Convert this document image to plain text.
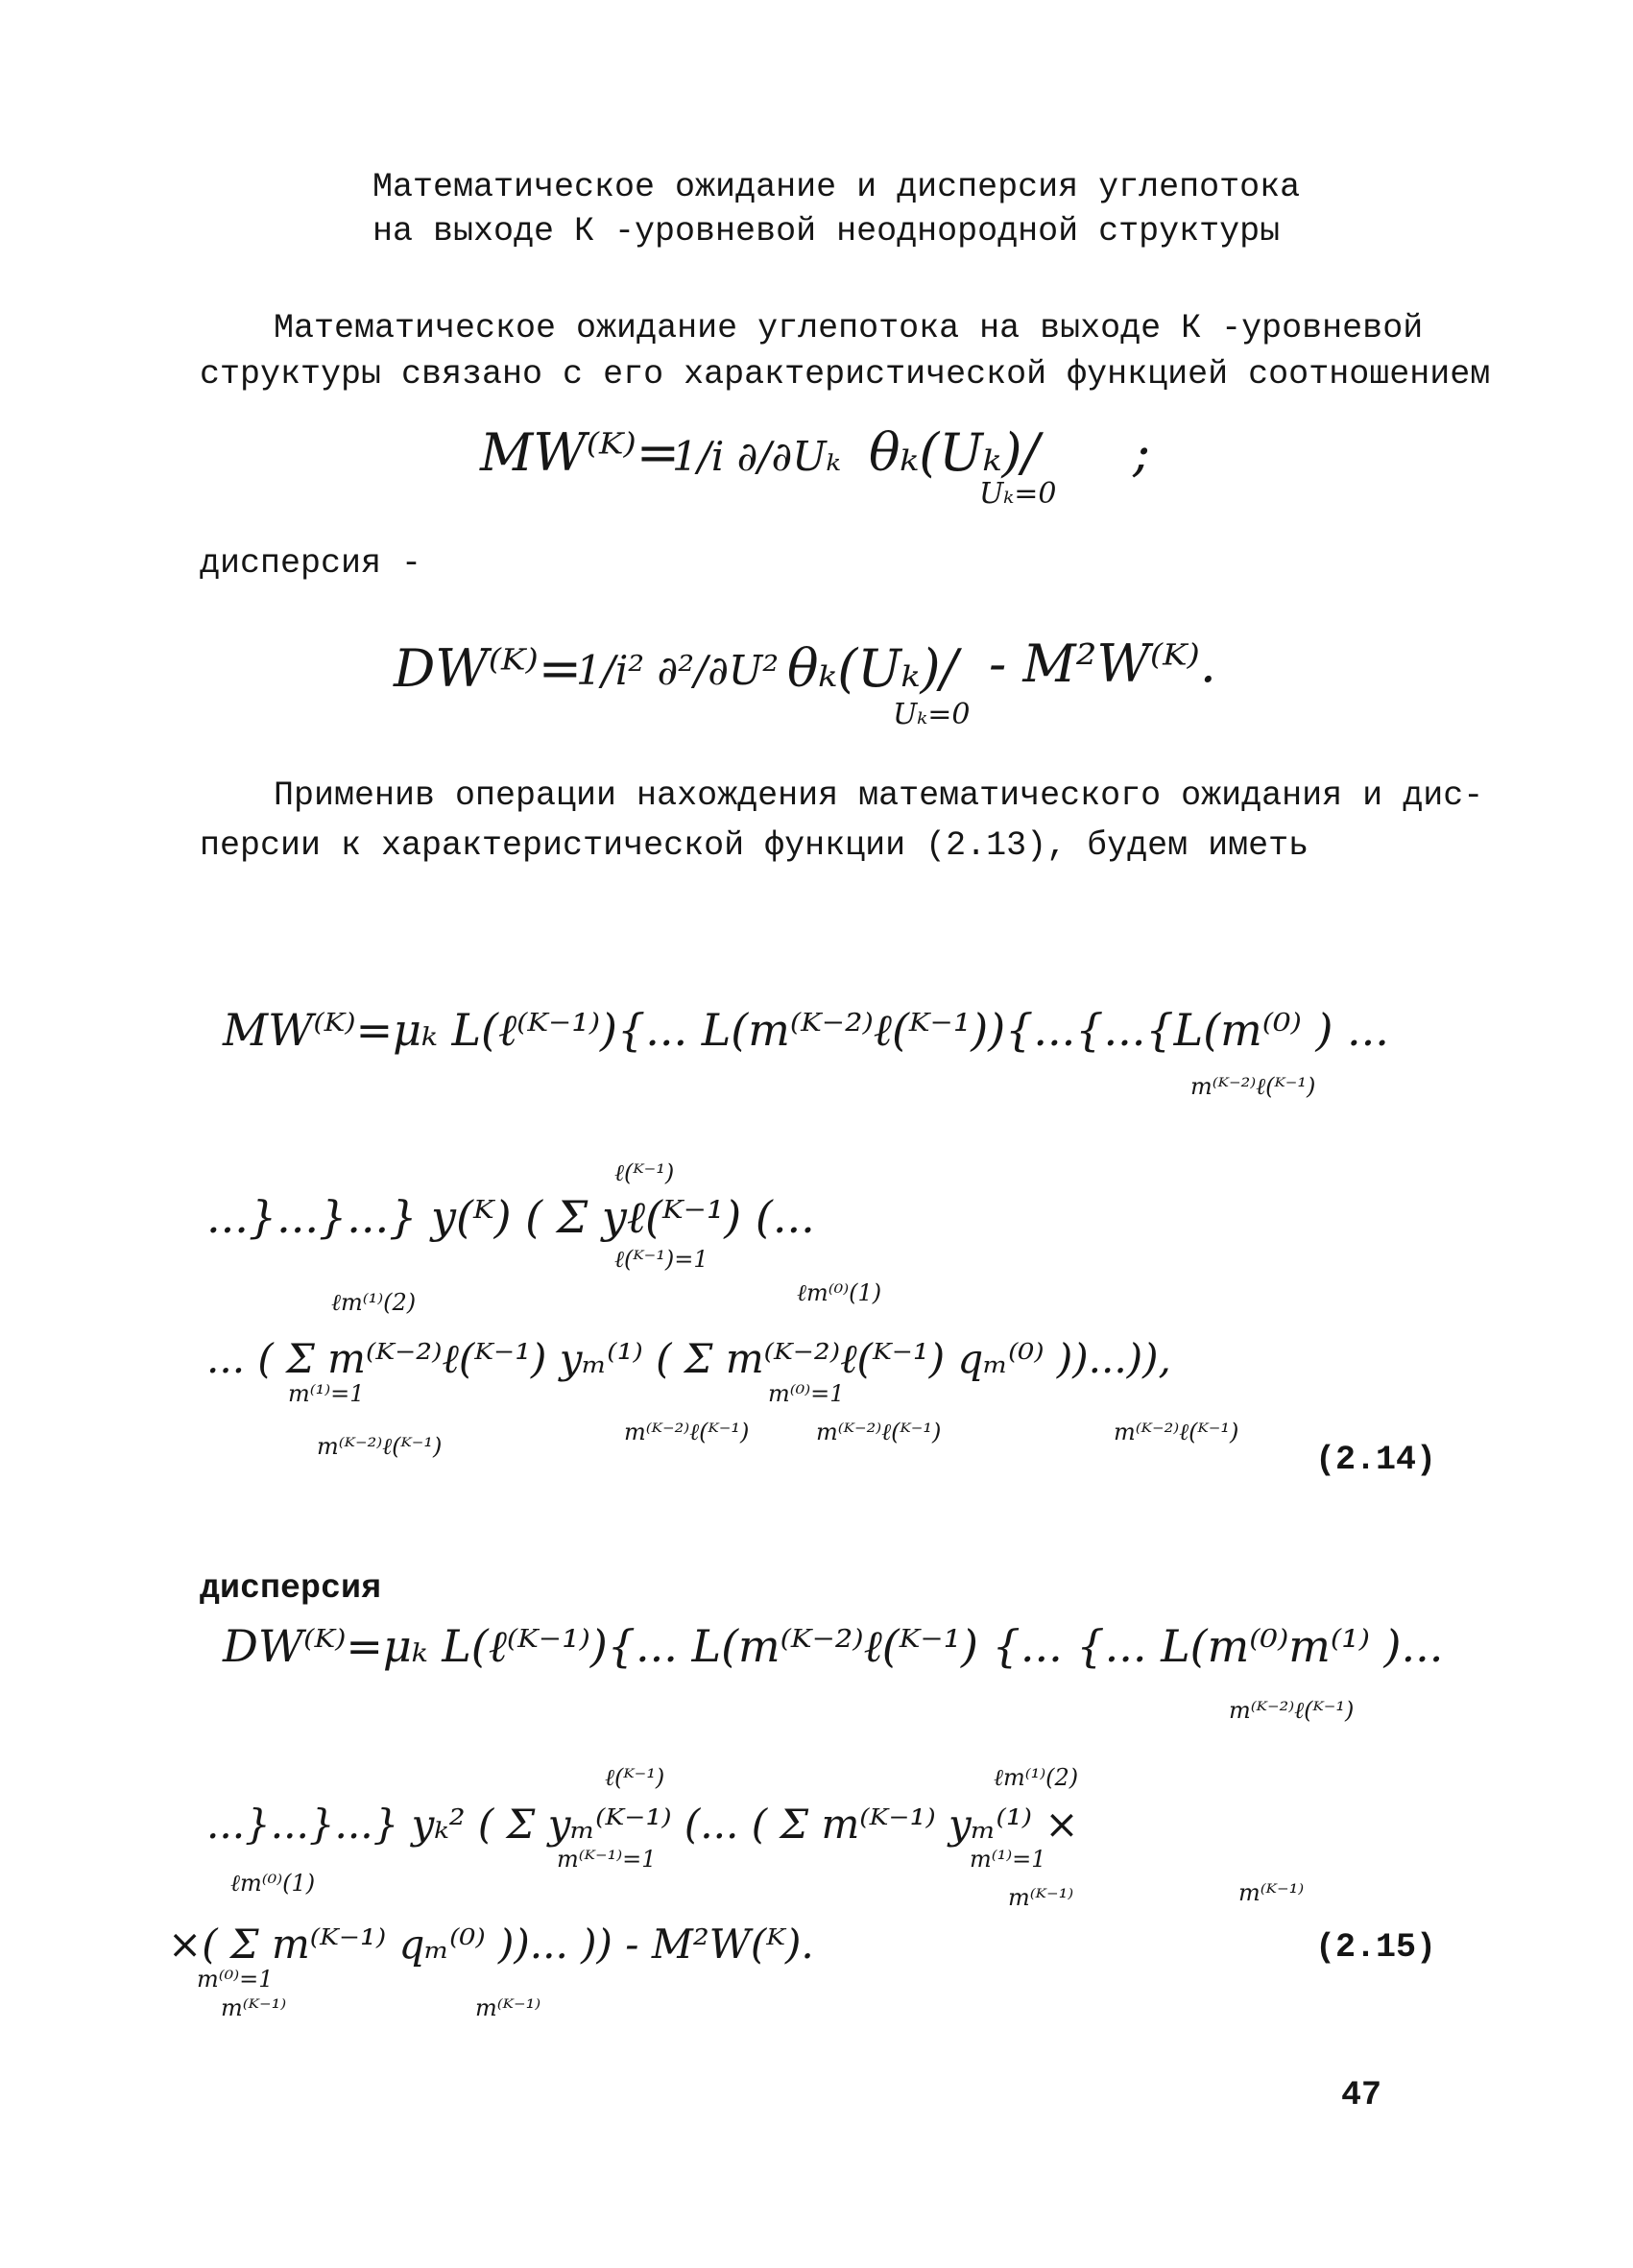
Математическое ожидание и дисперсия углепотока
на выходе К -уровневой неоднородной структуры
Математическое ожидание углепотока на выходе К -уровневой
структуры связано с его характеристической функцией соотношением
MW⁽ᴷ⁾=
1/i ∂/∂Uₖ θₖ(Uₖ)/
Uₖ=0
;
дисперсия -
DW⁽ᴷ⁾=
1/i² ∂²/∂U² θₖ(Uₖ)/
Uₖ=0
- M²W⁽ᴷ⁾.
Применив операции нахождения математического ожидания и дис-
персии к характеристической функции (2.13), будем иметь
MW⁽ᴷ⁾=μₖ L(ℓ⁽ᴷ⁻¹⁾){... L(m⁽ᴷ⁻²⁾ℓ(ᴷ⁻¹)){...{...{L(m⁽⁰⁾ ) ...
m⁽ᴷ⁻²⁾ℓ(ᴷ⁻¹)
ℓ(ᴷ⁻¹)
...}...}...} y(ᴷ) ( Σ yℓ(ᴷ⁻¹) (...
ℓ(ᴷ⁻¹)=1
ℓm⁽¹⁾(2)	ℓm⁽⁰⁾(1)
... ( Σ m⁽ᴷ⁻²⁾ℓ(ᴷ⁻¹) yₘ⁽¹⁾ ( Σ m⁽ᴷ⁻²⁾ℓ(ᴷ⁻¹) qₘ⁽⁰⁾ ))...)),
m⁽¹⁾=1	m⁽⁰⁾=1
m⁽ᴷ⁻²⁾ℓ(ᴷ⁻¹)
m⁽ᴷ⁻²⁾ℓ(ᴷ⁻¹)	m⁽ᴷ⁻²⁾ℓ(ᴷ⁻¹)	m⁽ᴷ⁻²⁾ℓ(ᴷ⁻¹)
(2.14)
дисперсия
DW⁽ᴷ⁾=μₖ L(ℓ⁽ᴷ⁻¹⁾){... L(m⁽ᴷ⁻²⁾ℓ(ᴷ⁻¹) {... {... L(m⁽⁰⁾m⁽¹⁾ )...
m⁽ᴷ⁻²⁾ℓ(ᴷ⁻¹)
ℓ(ᴷ⁻¹)	ℓm⁽¹⁾(2)
...}...}...} yₖ² ( Σ yₘ⁽ᴷ⁻¹⁾ (... ( Σ m⁽ᴷ⁻¹⁾ yₘ⁽¹⁾ ×
m⁽ᴷ⁻¹⁾=1	m⁽¹⁾=1
m⁽ᴷ⁻¹⁾	m⁽ᴷ⁻¹⁾
ℓm⁽⁰⁾(1)
×( Σ m⁽ᴷ⁻¹⁾ qₘ⁽⁰⁾ ))... )) - M²W(ᴷ).
m⁽⁰⁾=1
m⁽ᴷ⁻¹⁾	m⁽ᴷ⁻¹⁾
(2.15)
47
